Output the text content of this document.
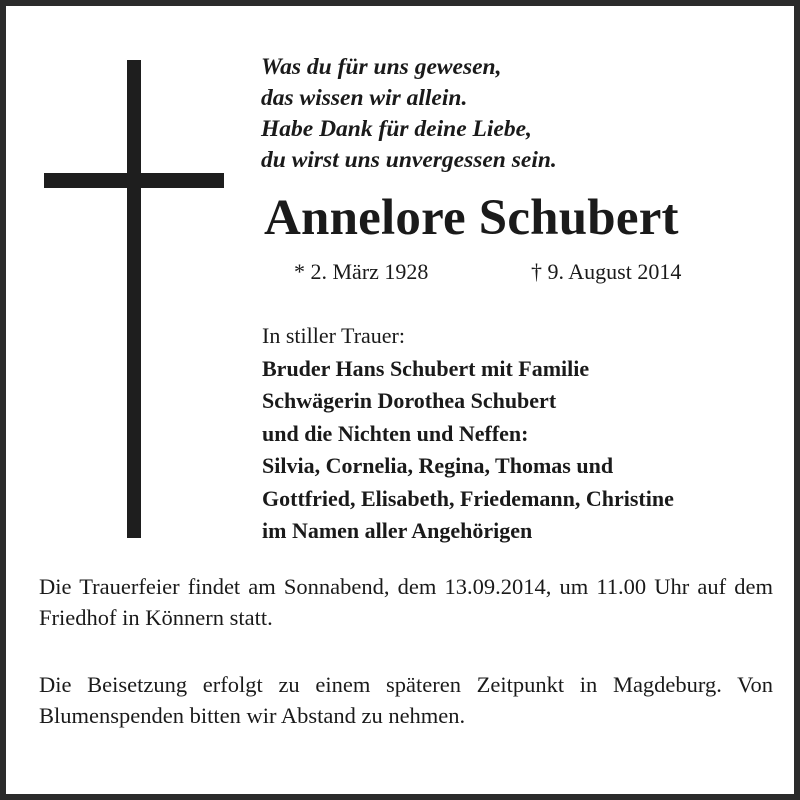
Was du für uns gewesen,
das wissen wir allein.
Habe Dank für deine Liebe,
du wirst uns unvergessen sein.
Annelore Schubert
* 2. März 1928	† 9. August 2014
In stiller Trauer:
Bruder Hans Schubert mit Familie
Schwägerin Dorothea Schubert
und die Nichten und Neffen:
Silvia, Cornelia, Regina, Thomas und
Gottfried, Elisabeth, Friedemann, Christine
im Namen aller Angehörigen

Die Trauerfeier findet am Sonnabend, dem 13.09.2014, um 11.00 Uhr auf dem Friedhof in Könnern statt.

Die Beisetzung erfolgt zu einem späteren Zeitpunkt in Magdeburg. Von Blumenspenden bitten wir Abstand zu nehmen.
